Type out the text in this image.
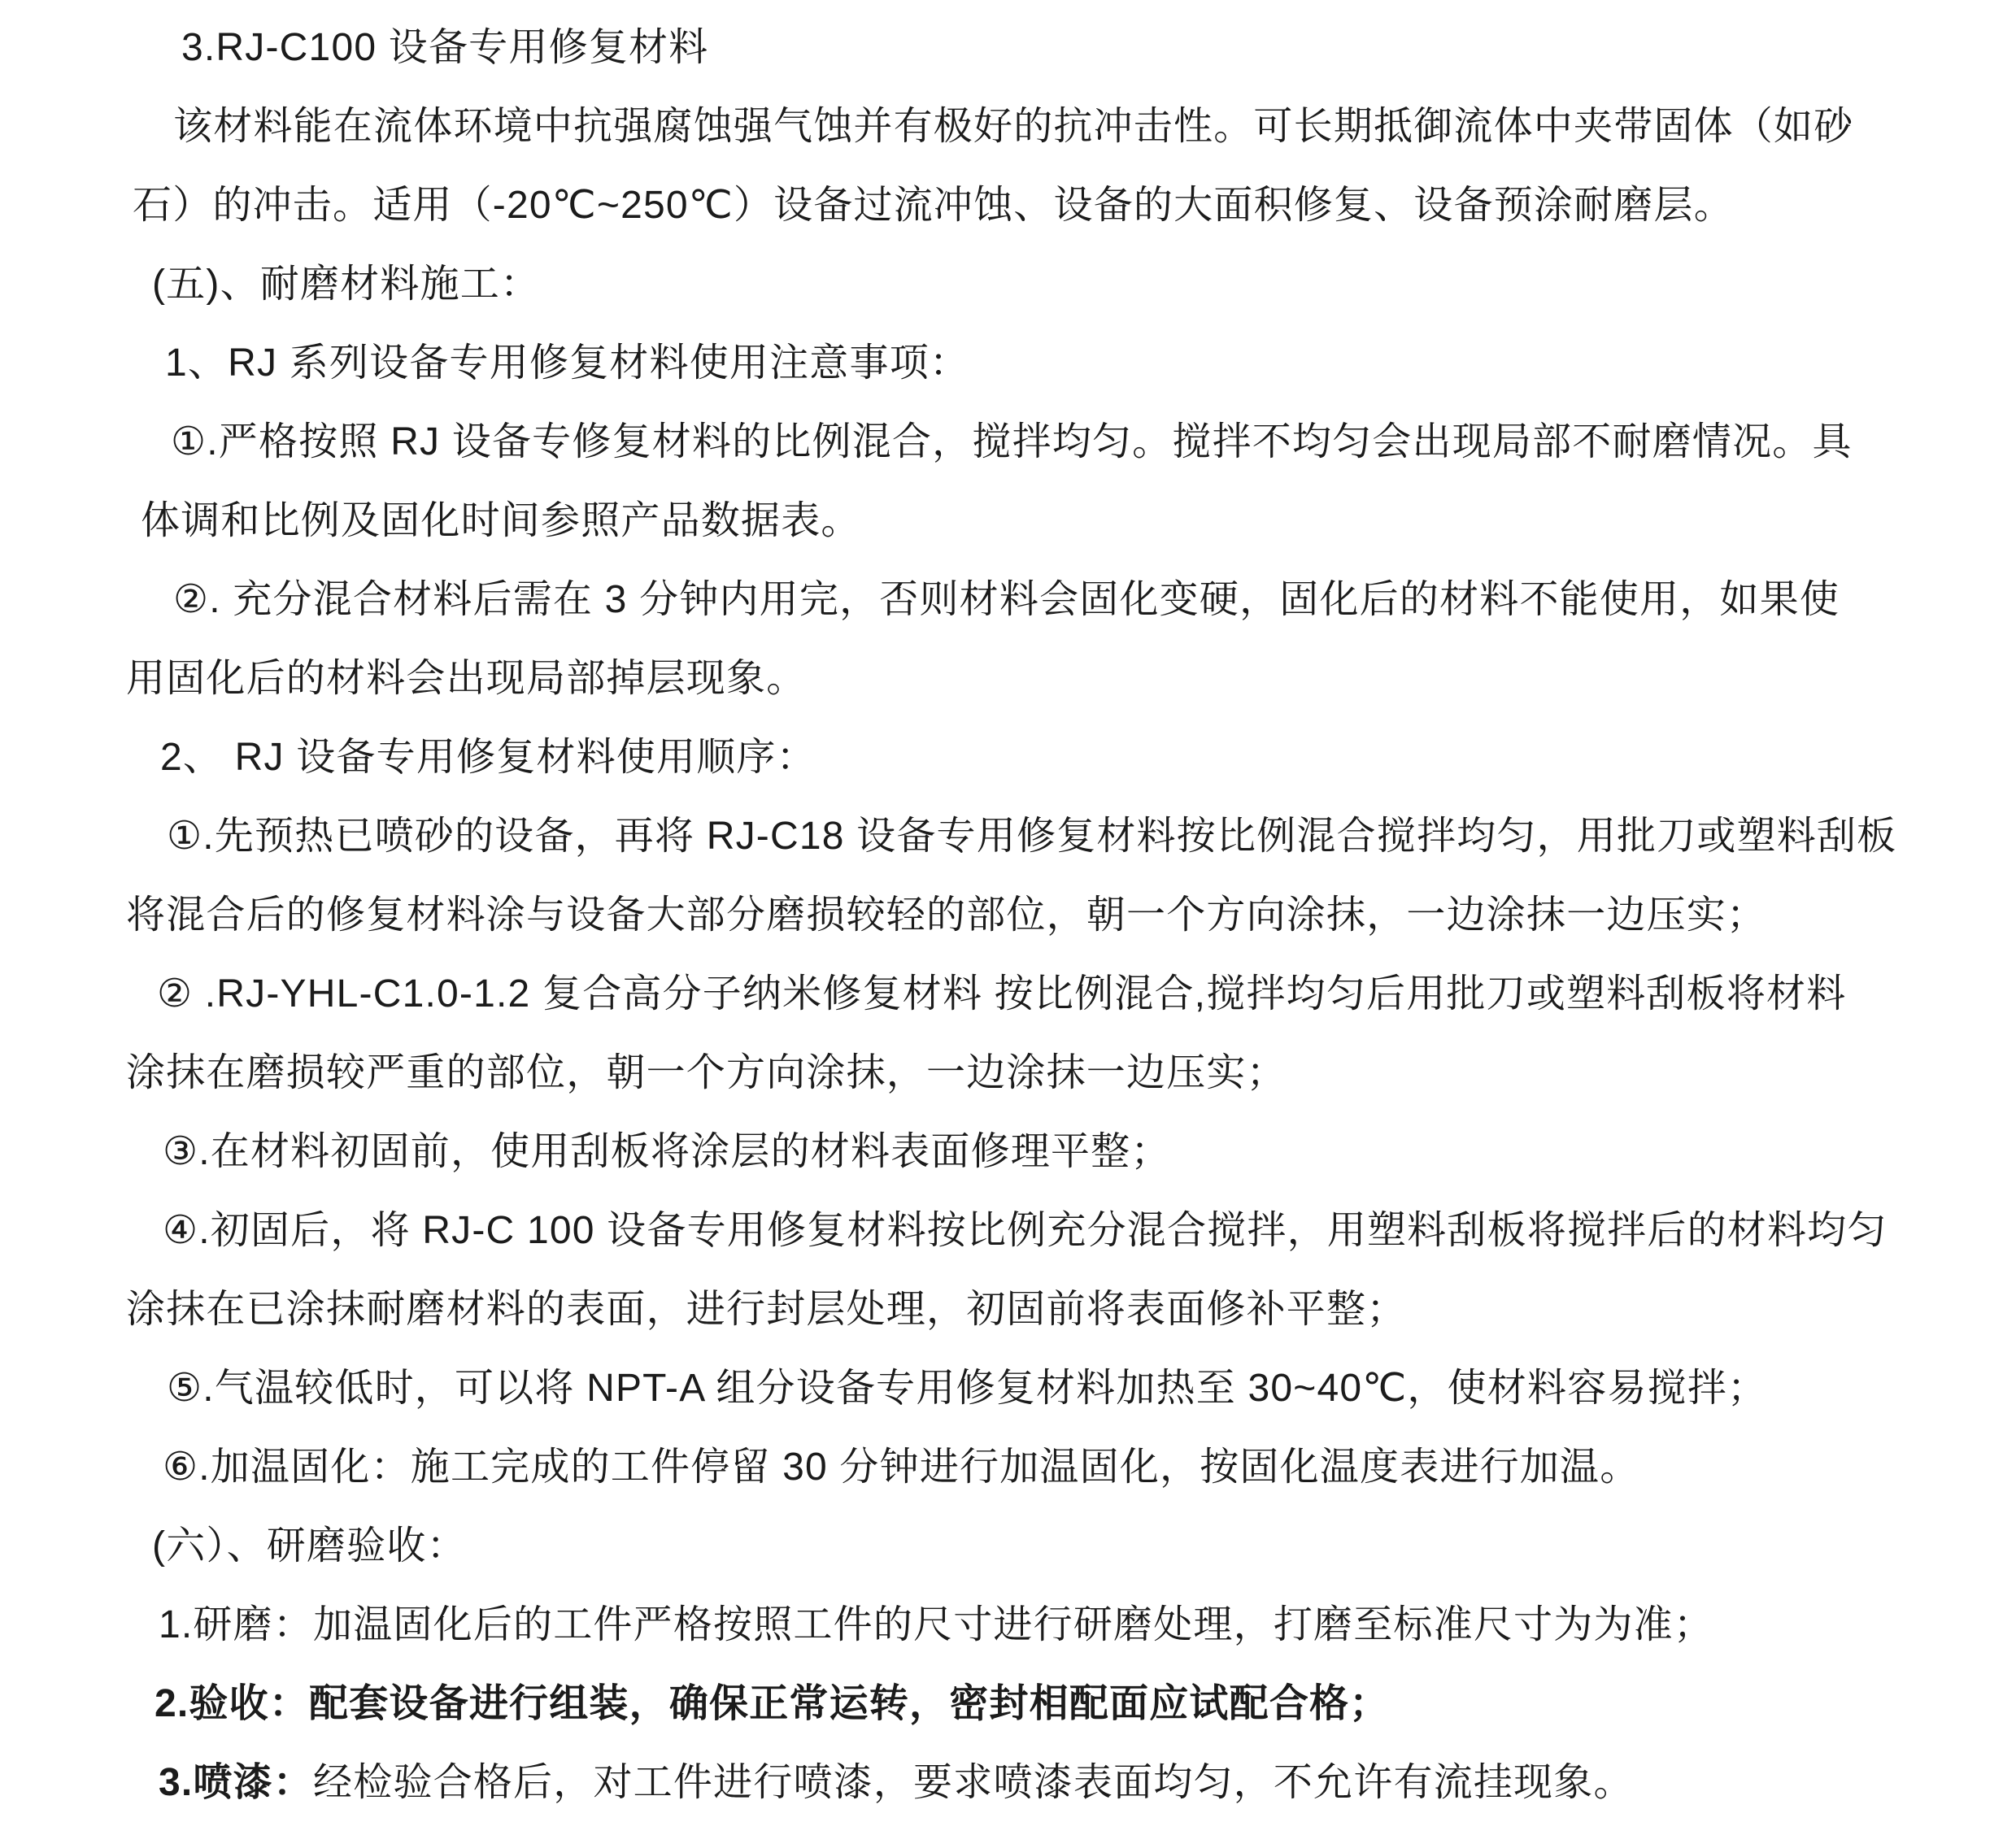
3.RJ-C100 设备专用修复材料
该材料能在流体环境中抗强腐蚀强气蚀并有极好的抗冲击性。可长期抵御流体中夹带固体（如砂
石）的冲击。适用（-20℃~250℃）设备过流冲蚀、设备的大面积修复、设备预涂耐磨层。
(五)、耐磨材料施工：
1、RJ 系列设备专用修复材料使用注意事项：
①.严格按照 RJ 设备专修复材料的比例混合，搅拌均匀。搅拌不均匀会出现局部不耐磨情况。具
体调和比例及固化时间参照产品数据表。
②. 充分混合材料后需在 3 分钟内用完，否则材料会固化变硬，固化后的材料不能使用，如果使
用固化后的材料会出现局部掉层现象。
2、 RJ 设备专用修复材料使用顺序：
①.先预热已喷砂的设备，再将 RJ-C18 设备专用修复材料按比例混合搅拌均匀，用批刀或塑料刮板
将混合后的修复材料涂与设备大部分磨损较轻的部位，朝一个方向涂抹，一边涂抹一边压实；
② .RJ-YHL-C1.0-1.2 复合高分子纳米修复材料 按比例混合,搅拌均匀后用批刀或塑料刮板将材料
涂抹在磨损较严重的部位，朝一个方向涂抹，一边涂抹一边压实；
③.在材料初固前，使用刮板将涂层的材料表面修理平整；
④.初固后，将 RJ-C 100 设备专用修复材料按比例充分混合搅拌，用塑料刮板将搅拌后的材料均匀
涂抹在已涂抹耐磨材料的表面，进行封层处理，初固前将表面修补平整；
⑤.气温较低时，可以将 NPT-A 组分设备专用修复材料加热至 30~40℃，使材料容易搅拌；
⑥.加温固化：施工完成的工件停留 30 分钟进行加温固化，按固化温度表进行加温。
(六）、研磨验收：
1.研磨：加温固化后的工件严格按照工件的尺寸进行研磨处理，打磨至标准尺寸为为准；
2.验收：配套设备进行组装，确保正常运转，密封相配面应试配合格；
3.喷漆：经检验合格后，对工件进行喷漆，要求喷漆表面均匀，不允许有流挂现象。
